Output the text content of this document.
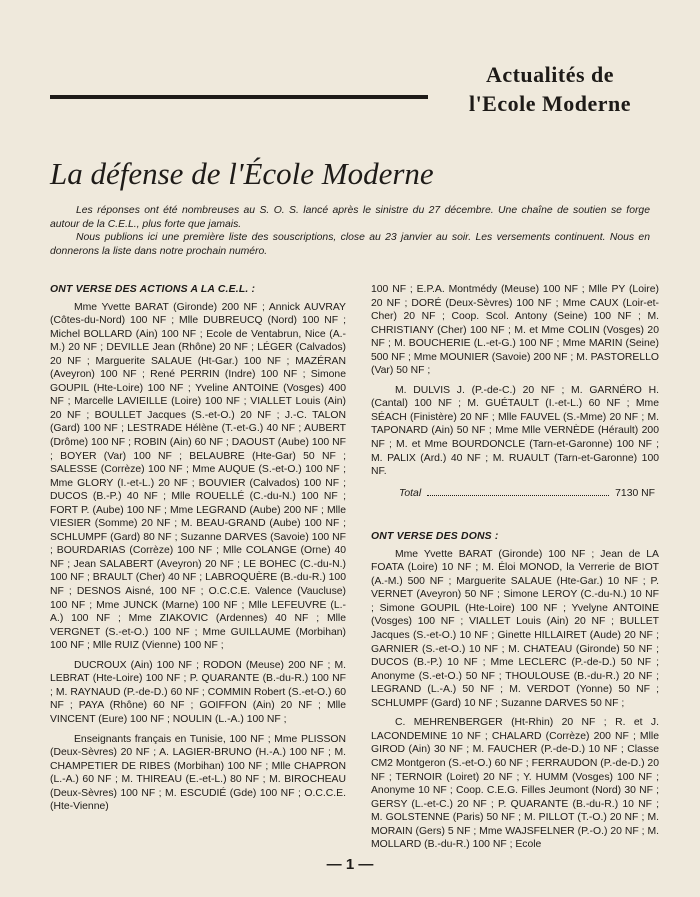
Actualités de
l'Ecole Moderne
La défense de l'École Moderne

Les réponses ont été nombreuses au S. O. S. lancé après le sinistre du 27 décembre. Une chaîne de soutien se forge autour de la C.E.L., plus forte que jamais.

Nous publions ici une première liste des souscriptions, close au 23 janvier au soir. Les versements continuent. Nous en donnerons la liste dans notre prochain numéro.

ONT VERSE DES ACTIONS A LA C.E.L. :

Mme Yvette BARAT (Gironde) 200 NF ; Annick AUVRAY (Côtes-du-Nord) 100 NF ; Mlle DUBREUCQ (Nord) 100 NF ; Michel BOLLARD (Ain) 100 NF ; Ecole de Ventabrun, Nice (A.-M.) 20 NF ; DEVILLE Jean (Rhône) 20 NF ; LÉGER (Calvados) 20 NF ; Marguerite SALAUE (Ht-Gar.) 100 NF ; MAZÉRAN (Aveyron) 100 NF ; René PERRIN (Indre) 100 NF ; Simone GOUPIL (Hte-Loire) 100 NF ; Yveline ANTOINE (Vosges) 400 NF ; Marcelle LAVIEILLE (Loire) 100 NF ; VIALLET Louis (Ain) 20 NF ; BOULLET Jacques (S.-et-O.) 20 NF ; J.-C. TALON (Gard) 100 NF ; LESTRADE Hélène (T.-et-G.) 40 NF ; AUBERT (Drôme) 100 NF ; ROBIN (Ain) 60 NF ; DAOUST (Aube) 100 NF ; BOYER (Var) 100 NF ; BELAUBRE (Hte-Gar) 50 NF ; SALESSE (Corrèze) 100 NF ; Mme AUQUE (S.-et-O.) 100 NF ; Mme GLORY (I.-et-L.) 20 NF ; BOUVIER (Calvados) 100 NF ; DUCOS (B.-P.) 40 NF ; Mlle ROUELLÉ (C.-du-N.) 100 NF ; FORT P. (Aube) 100 NF ; Mme LEGRAND (Aube) 200 NF ; Mlle VIESIER (Somme) 20 NF ; M. BEAU-GRAND (Aube) 100 NF ; SCHLUMPF (Gard) 80 NF ; Suzanne DARVES (Savoie) 100 NF ; BOURDARIAS (Corrèze) 100 NF ; Mlle COLANGE (Orne) 40 NF ; Jean SALABERT (Aveyron) 20 NF ; LE BOHEC (C.-du-N.) 100 NF ; BRAULT (Cher) 40 NF ; LABROQUÈRE (B.-du-R.) 100 NF ; DESNOS Aisné, 100 NF ; O.C.C.E. Valence (Vaucluse) 100 NF ; Mme JUNCK (Marne) 100 NF ; Mlle LEFEUVRE (L.-A.) 100 NF ; Mme ZIAKOVIC (Ardennes) 40 NF ; Mlle VERGNET (S.-et-O.) 100 NF ; Mme GUILLAUME (Morbihan) 100 NF ; Mlle RUIZ (Vienne) 100 NF ;

DUCROUX (Ain) 100 NF ; RODON (Meuse) 200 NF ; M. LEBRAT (Hte-Loire) 100 NF ; P. QUARANTE (B.-du-R.) 100 NF ; M. RAYNAUD (P.-de-D.) 60 NF ; COMMIN Robert (S.-et-O.) 60 NF ; PAYA (Rhône) 60 NF ; GOIFFON (Ain) 20 NF ; Mlle VINCENT (Eure) 100 NF ; NOULIN (L.-A.) 100 NF ;

Enseignants français en Tunisie, 100 NF ; Mme PLISSON (Deux-Sèvres) 20 NF ; A. LAGIER-BRUNO (H.-A.) 100 NF ; M. CHAMPETIER DE RIBES (Morbihan) 100 NF ; Mlle CHAPRON (L.-A.) 60 NF ; M. THIREAU (E.-et-L.) 80 NF ; M. BIROCHEAU (Deux-Sèvres) 100 NF ; M. ESCUDIÉ (Gde) 100 NF ; O.C.C.E. (Hte-Vienne)

100 NF ; E.P.A. Montmédy (Meuse) 100 NF ; Mlle PY (Loire) 20 NF ; DORÉ (Deux-Sèvres) 100 NF ; Mme CAUX (Loir-et-Cher) 20 NF ; Coop. Scol. Antony (Seine) 100 NF ; M. CHRISTIANY (Cher) 100 NF ; M. et Mme COLIN (Vosges) 20 NF ; M. BOUCHERIE (L.-et-G.) 100 NF ; Mme MARIN (Seine) 500 NF ; Mme MOUNIER (Savoie) 200 NF ; M. PASTORELLO (Var) 50 NF ;

M. DULVIS J. (P.-de-C.) 20 NF ; M. GARNÉRO H. (Cantal) 100 NF ; M. GUÉTAULT (I.-et-L.) 60 NF ; Mme SÉACH (Finistère) 20 NF ; Mlle FAUVEL (S.-Mme) 20 NF ; M. TAPONARD (Ain) 50 NF ; Mme Mlle VERNÈDE (Hérault) 200 NF ; M. et Mme BOURDONCLE (Tarn-et-Garonne) 100 NF ; M. PALIX (Ard.) 40 NF ; M. RUAULT (Tarn-et-Garonne) 100 NF.

Total	7130 NF

ONT VERSE DES DONS :

Mme Yvette BARAT (Gironde) 100 NF ; Jean de LA FOATA (Loire) 10 NF ; M. Éloi MONOD, la Verrerie de BIOT (A.-M.) 500 NF ; Marguerite SALAUE (Hte-Gar.) 10 NF ; P. VERNET (Aveyron) 50 NF ; Simone LEROY (C.-du-N.) 10 NF ; Simone GOUPIL (Hte-Loire) 100 NF ; Yvelyne ANTOINE (Vosges) 100 NF ; VIALLET Louis (Ain) 20 NF ; BULLET Jacques (S.-et-O.) 10 NF ; Ginette HILLAIRET (Aude) 20 NF ; GARNIER (S.-et-O.) 10 NF ; M. CHATEAU (Gironde) 50 NF ; DUCOS (B.-P.) 10 NF ; Mme LECLERC (P.-de-D.) 50 NF ; Anonyme (S.-et-O.) 50 NF ; THOULOUSE (B.-du-R.) 20 NF ; LEGRAND (L.-A.) 50 NF ; M. VERDOT (Yonne) 50 NF ; SCHLUMPF (Gard) 10 NF ; Suzanne DARVES 50 NF ;

C. MEHRENBERGER (Ht-Rhin) 20 NF ; R. et J. LACONDEMINE 10 NF ; CHALARD (Corrèze) 200 NF ; Mlle GIROD (Ain) 30 NF ; M. FAUCHER (P.-de-D.) 10 NF ; Classe CM2 Montgeron (S.-et-O.) 60 NF ; FERRAUDON (P.-de-D.) 20 NF ; TERNOIR (Loiret) 20 NF ; Y. HUMM (Vosges) 100 NF ; Anonyme 10 NF ; Coop. C.E.G. Filles Jeumont (Nord) 30 NF ; GERSY (L.-et-C.) 20 NF ; P. QUARANTE (B.-du-R.) 10 NF ; M. GOLSTENNE (Paris) 50 NF ; M. PILLOT (T.-O.) 20 NF ; M. MORAIN (Gers) 5 NF ; Mme WAJSFELNER (P.-O.) 20 NF ; M. MOLLARD (B.-du-R.) 100 NF ; Ecole

— 1 —
